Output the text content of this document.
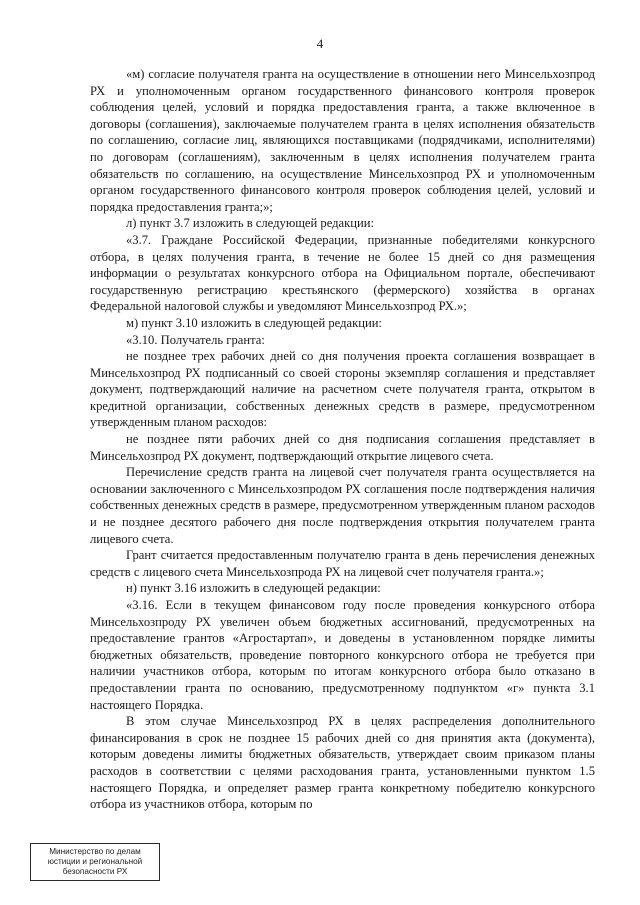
4

«м) согласие получателя гранта на осуществление в отношении него Минсельхозпрод РХ и уполномоченным органом государственного финансового контроля проверок соблюдения целей, условий и порядка предоставления гранта, а также включенное в договоры (соглашения), заключаемые получателем гранта в целях исполнения обязательств по соглашению, согласие лиц, являющихся поставщиками (подрядчиками, исполнителями) по договорам (соглашениям), заключенным в целях исполнения получателем гранта обязательств по соглашению, на осуществление Минсельхозпрод РХ и уполномоченным органом государственного финансового контроля проверок соблюдения целей, условий и порядка предоставления гранта;»;

л) пункт 3.7 изложить в следующей редакции:

«3.7. Граждане Российской Федерации, признанные победителями конкурсного отбора, в целях получения гранта, в течение не более 15 дней со дня размещения информации о результатах конкурсного отбора на Официальном портале, обеспечивают государственную регистрацию крестьянского (фермерского) хозяйства в органах Федеральной налоговой службы и уведомляют Минсельхозпрод РХ.»;

м) пункт 3.10 изложить в следующей редакции:

«3.10. Получатель гранта:

не позднее трех рабочих дней со дня получения проекта соглашения возвращает в Минсельхозпрод РХ подписанный со своей стороны экземпляр соглашения и представляет документ, подтверждающий наличие на расчетном счете получателя гранта, открытом в кредитной организации, собственных денежных средств в размере, предусмотренном утвержденным планом расходов:

не позднее пяти рабочих дней со дня подписания соглашения представляет в Минсельхозпрод РХ документ, подтверждающий открытие лицевого счета.

Перечисление средств гранта на лицевой счет получателя гранта осуществляется на основании заключенного с Минсельхозпродом РХ соглашения после подтверждения наличия собственных денежных средств в размере, предусмотренном утвержденным планом расходов и не позднее десятого рабочего дня после подтверждения открытия получателем гранта лицевого счета.

Грант считается предоставленным получателю гранта в день перечисления денежных средств с лицевого счета Минсельхозпрода РХ на лицевой счет получателя гранта.»;

н) пункт 3.16 изложить в следующей редакции:

«3.16. Если в текущем финансовом году после проведения конкурсного отбора Минсельхозпроду РХ увеличен объем бюджетных ассигнований, предусмотренных на предоставление грантов «Агростартап», и доведены в установленном порядке лимиты бюджетных обязательств, проведение повторного конкурсного отбора не требуется при наличии участников отбора, которым по итогам конкурсного отбора было отказано в предоставлении гранта по основанию, предусмотренному подпунктом «г» пункта 3.1 настоящего Порядка.

В этом случае Минсельхозпрод РХ в целях распределения дополнительного финансирования в срок не позднее 15 рабочих дней со дня принятия акта (документа), которым доведены лимиты бюджетных обязательств, утверждает своим приказом планы расходов в соответствии с целями расходования гранта, установленными пунктом 1.5 настоящего Порядка, и определяет размер гранта конкретному победителю конкурсного отбора из участников отбора, которым по

Министерство по делам
юстиции и региональной
безопасности РХ
